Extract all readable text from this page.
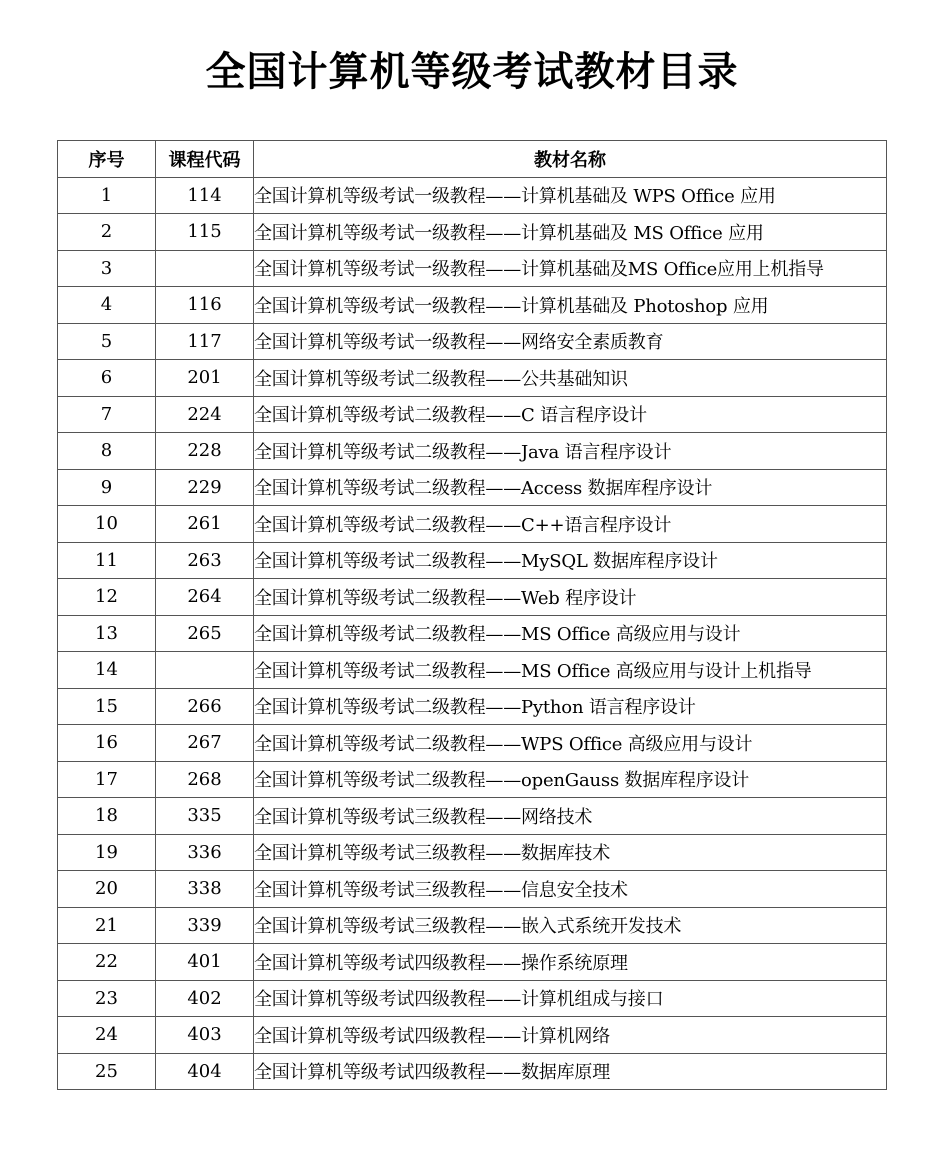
全国计算机等级考试教材目录
序号	课程代码	教材名称
1	114	全国计算机等级考试一级教程——计算机基础及 WPS Office 应用
2	115	全国计算机等级考试一级教程——计算机基础及 MS Office 应用
3		全国计算机等级考试一级教程——计算机基础及MS Office应用上机指导
4	116	全国计算机等级考试一级教程——计算机基础及 Photoshop 应用
5	117	全国计算机等级考试一级教程——网络安全素质教育
6	201	全国计算机等级考试二级教程——公共基础知识
7	224	全国计算机等级考试二级教程——C 语言程序设计
8	228	全国计算机等级考试二级教程——Java 语言程序设计
9	229	全国计算机等级考试二级教程——Access 数据库程序设计
10	261	全国计算机等级考试二级教程——C++语言程序设计
11	263	全国计算机等级考试二级教程——MySQL 数据库程序设计
12	264	全国计算机等级考试二级教程——Web 程序设计
13	265	全国计算机等级考试二级教程——MS Office 高级应用与设计
14		全国计算机等级考试二级教程——MS Office 高级应用与设计上机指导
15	266	全国计算机等级考试二级教程——Python 语言程序设计
16	267	全国计算机等级考试二级教程——WPS Office 高级应用与设计
17	268	全国计算机等级考试二级教程——openGauss 数据库程序设计
18	335	全国计算机等级考试三级教程——网络技术
19	336	全国计算机等级考试三级教程——数据库技术
20	338	全国计算机等级考试三级教程——信息安全技术
21	339	全国计算机等级考试三级教程——嵌入式系统开发技术
22	401	全国计算机等级考试四级教程——操作系统原理
23	402	全国计算机等级考试四级教程——计算机组成与接口
24	403	全国计算机等级考试四级教程——计算机网络
25	404	全国计算机等级考试四级教程——数据库原理
